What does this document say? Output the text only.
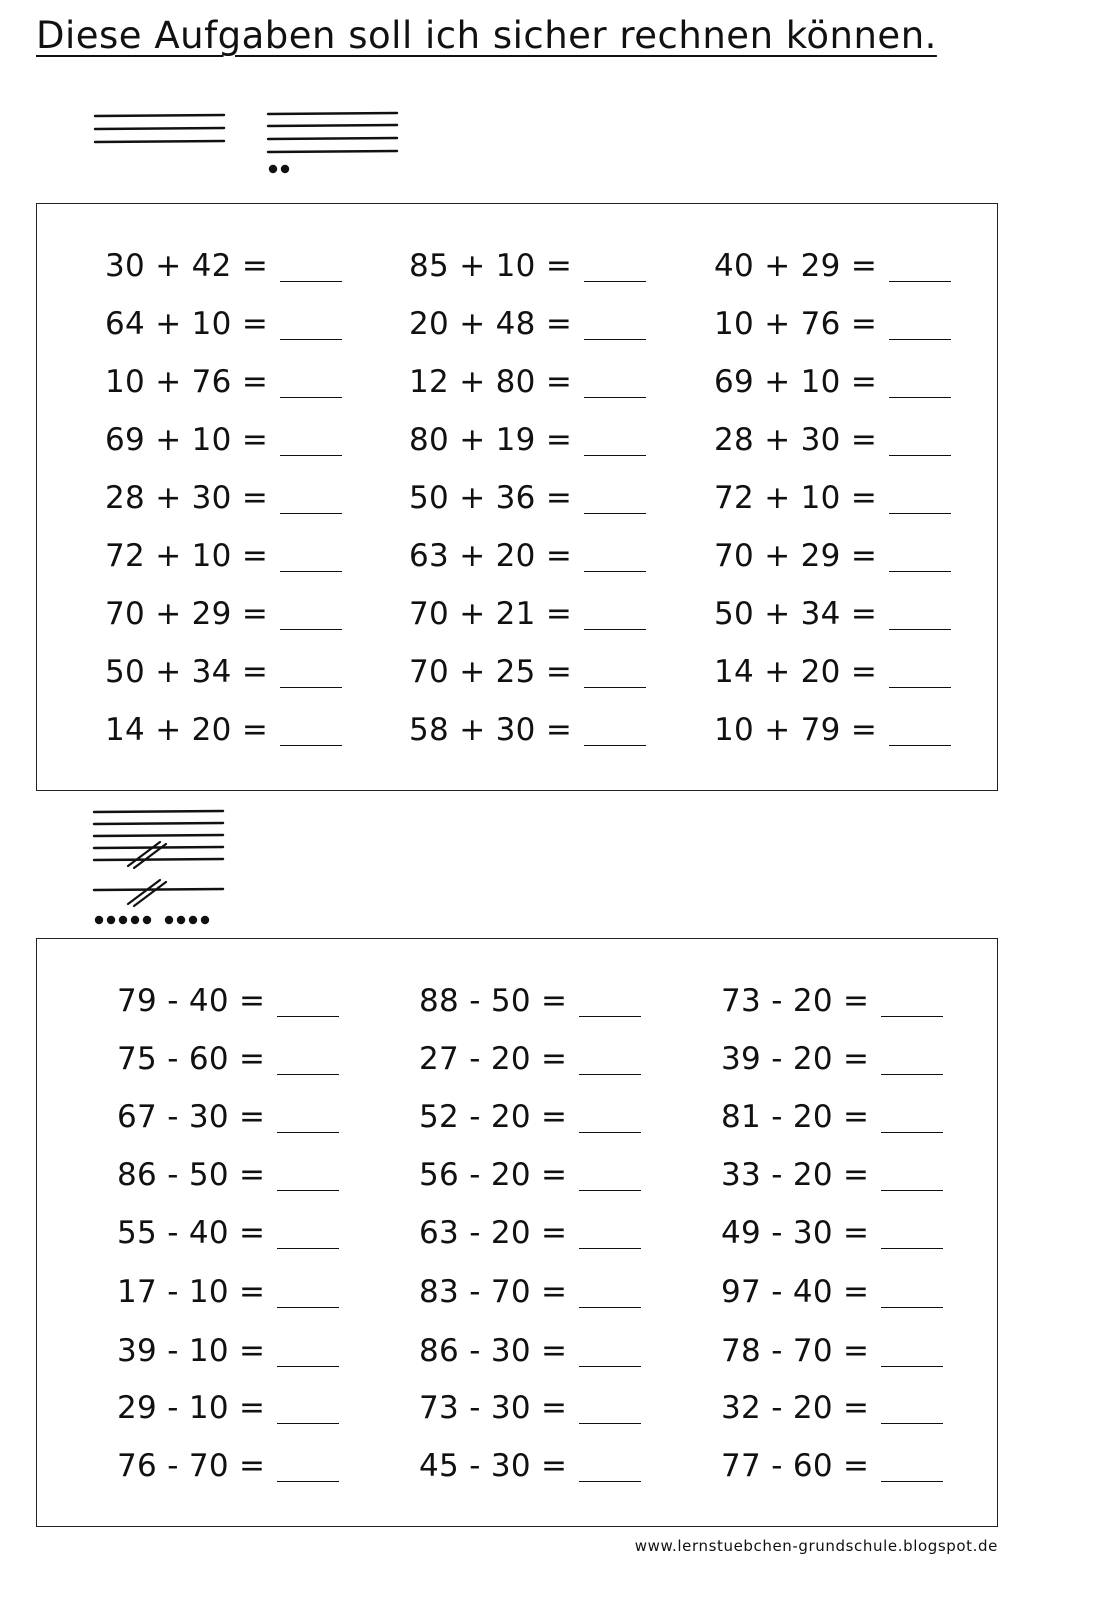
Diese Aufgaben soll ich sicher rechnen können.
30 + 42 =
64 + 10 =
10 + 76 =
69 + 10 =
28 + 30 =
72 + 10 =
70 + 29 =
50 + 34 =
14 + 20 =
85 + 10 =
20 + 48 =
12 + 80 =
80 + 19 =
50 + 36 =
63 + 20 =
70 + 21 =
70 + 25 =
58 + 30 =
40 + 29 =
10 + 76 =
69 + 10 =
28 + 30 =
72 + 10 =
70 + 29 =
50 + 34 =
14 + 20 =
10 + 79 =
79 - 40 =
75 - 60 =
67 - 30 =
86 - 50 =
55 - 40 =
17 - 10 =
39 - 10 =
29 - 10 =
76 - 70 =
88 - 50 =
27 - 20 =
52 - 20 =
56 - 20 =
63 - 20 =
83 - 70 =
86 - 30 =
73 - 30 =
45 - 30 =
73 - 20 =
39 - 20 =
81 - 20 =
33 - 20 =
49 - 30 =
97 - 40 =
78 - 70 =
32 - 20 =
77 - 60 =
www.lernstuebchen-grundschule.blogspot.de
